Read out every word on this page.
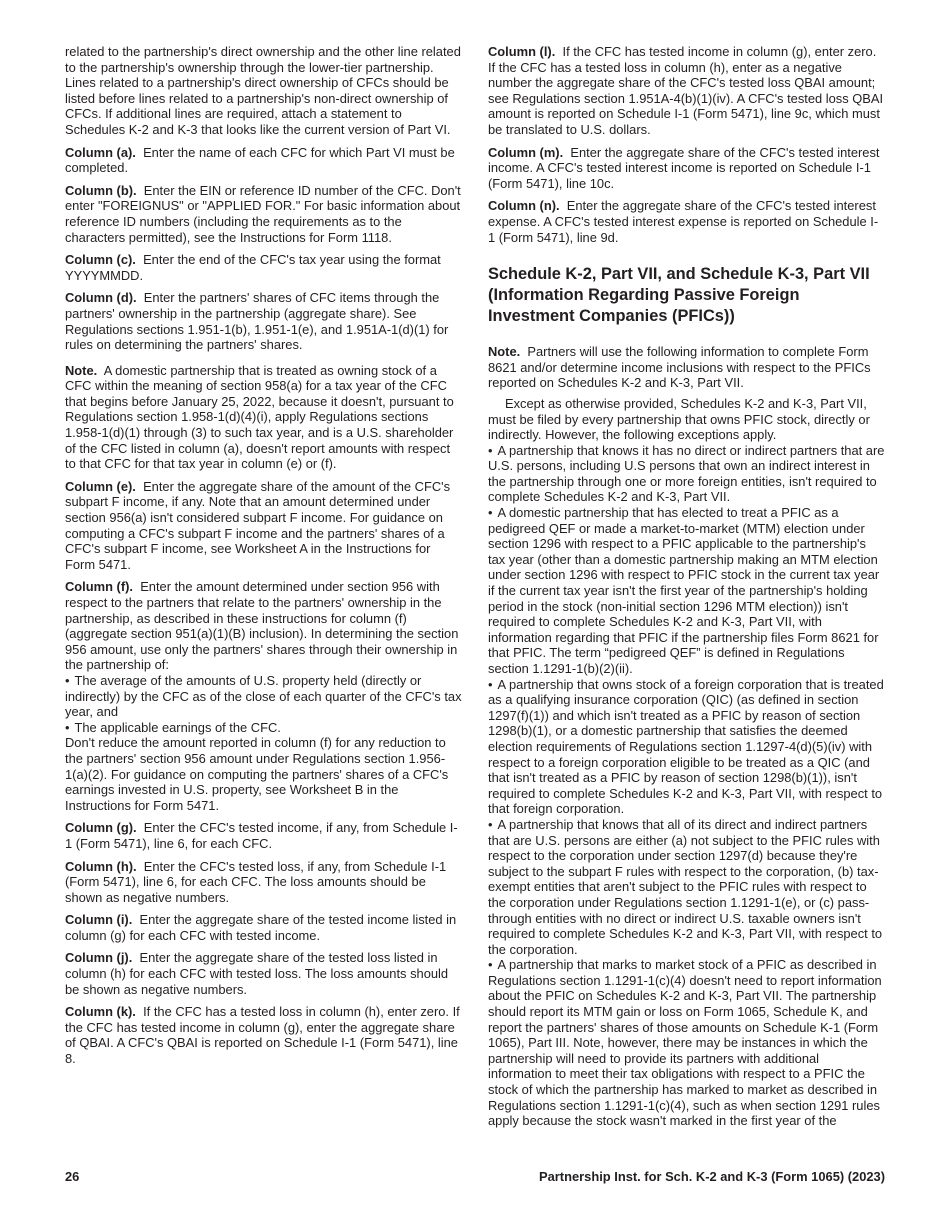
related to the partnership's direct ownership and the other line related to the partnership's ownership through the lower-tier partnership. Lines related to a partnership's direct ownership of CFCs should be listed before lines related to a partnership's non-direct ownership of CFCs. If additional lines are required, attach a statement to Schedules K-2 and K-3 that looks like the current version of Part VI.

Column (a). Enter the name of each CFC for which Part VI must be completed.

Column (b). Enter the EIN or reference ID number of the CFC. Don't enter "FOREIGNUS" or "APPLIED FOR." For basic information about reference ID numbers (including the requirements as to the characters permitted), see the Instructions for Form 1118.

Column (c). Enter the end of the CFC's tax year using the format YYYYMMDD.

Column (d). Enter the partners' shares of CFC items through the partners' ownership in the partnership (aggregate share). See Regulations sections 1.951-1(b), 1.951-1(e), and 1.951A-1(d)(1) for rules on determining the partners' shares.

Note. A domestic partnership that is treated as owning stock of a CFC within the meaning of section 958(a) for a tax year of the CFC that begins before January 25, 2022, because it doesn't, pursuant to Regulations section 1.958-1(d)(4)(i), apply Regulations sections 1.958-1(d)(1) through (3) to such tax year, and is a U.S. shareholder of the CFC listed in column (a), doesn't report amounts with respect to that CFC for that tax year in column (e) or (f).

Column (e). Enter the aggregate share of the amount of the CFC's subpart F income, if any. Note that an amount determined under section 956(a) isn't considered subpart F income. For guidance on computing a CFC's subpart F income and the partners' shares of a CFC's subpart F income, see Worksheet A in the Instructions for Form 5471.

Column (f). Enter the amount determined under section 956 with respect to the partners that relate to the partners' ownership in the partnership, as described in these instructions for column (f) (aggregate section 951(a)(1)(B) inclusion). In determining the section 956 amount, use only the partners' shares through their ownership in the partnership of:

• The average of the amounts of U.S. property held (directly or indirectly) by the CFC as of the close of each quarter of the CFC's tax year, and

• The applicable earnings of the CFC.

Don't reduce the amount reported in column (f) for any reduction to the partners' section 956 amount under Regulations section 1.956-1(a)(2). For guidance on computing the partners' shares of a CFC's earnings invested in U.S. property, see Worksheet B in the Instructions for Form 5471.

Column (g). Enter the CFC's tested income, if any, from Schedule I-1 (Form 5471), line 6, for each CFC.

Column (h). Enter the CFC's tested loss, if any, from Schedule I-1 (Form 5471), line 6, for each CFC. The loss amounts should be shown as negative numbers.

Column (i). Enter the aggregate share of the tested income listed in column (g) for each CFC with tested income.

Column (j). Enter the aggregate share of the tested loss listed in column (h) for each CFC with tested loss. The loss amounts should be shown as negative numbers.

Column (k). If the CFC has a tested loss in column (h), enter zero. If the CFC has tested income in column (g), enter the aggregate share of QBAI. A CFC's QBAI is reported on Schedule I-1 (Form 5471), line 8.

Column (l). If the CFC has tested income in column (g), enter zero. If the CFC has a tested loss in column (h), enter as a negative number the aggregate share of the CFC's tested loss QBAI amount; see Regulations section 1.951A-4(b)(1)(iv). A CFC's tested loss QBAI amount is reported on Schedule I-1 (Form 5471), line 9c, which must be translated to U.S. dollars.

Column (m). Enter the aggregate share of the CFC's tested interest income. A CFC's tested interest income is reported on Schedule I-1 (Form 5471), line 10c.

Column (n). Enter the aggregate share of the CFC's tested interest expense. A CFC's tested interest expense is reported on Schedule I-1 (Form 5471), line 9d.

Schedule K-2, Part VII, and Schedule K-3, Part VII (Information Regarding Passive Foreign Investment Companies (PFICs))

Note. Partners will use the following information to complete Form 8621 and/or determine income inclusions with respect to the PFICs reported on Schedules K-2 and K-3, Part VII.

Except as otherwise provided, Schedules K-2 and K-3, Part VII, must be filed by every partnership that owns PFIC stock, directly or indirectly. However, the following exceptions apply.

• A partnership that knows it has no direct or indirect partners that are U.S. persons, including U.S persons that own an indirect interest in the partnership through one or more foreign entities, isn't required to complete Schedules K-2 and K-3, Part VII.

• A domestic partnership that has elected to treat a PFIC as a pedigreed QEF or made a market-to-market (MTM) election under section 1296 with respect to a PFIC applicable to the partnership's tax year (other than a domestic partnership making an MTM election under section 1296 with respect to PFIC stock in the current tax year if the current tax year isn't the first year of the partnership's holding period in the stock (non-initial section 1296 MTM election)) isn't required to complete Schedules K-2 and K-3, Part VII, with information regarding that PFIC if the partnership files Form 8621 for that PFIC. The term “pedigreed QEF” is defined in Regulations section 1.1291-1(b)(2)(ii).

• A partnership that owns stock of a foreign corporation that is treated as a qualifying insurance corporation (QIC) (as defined in section 1297(f)(1)) and which isn't treated as a PFIC by reason of section 1298(b)(1), or a domestic partnership that satisfies the deemed election requirements of Regulations section 1.1297-4(d)(5)(iv) with respect to a foreign corporation eligible to be treated as a QIC (and that isn't treated as a PFIC by reason of section 1298(b)(1)), isn't required to complete Schedules K-2 and K-3, Part VII, with respect to that foreign corporation.

• A partnership that knows that all of its direct and indirect partners that are U.S. persons are either (a) not subject to the PFIC rules with respect to the corporation under section 1297(d) because they're subject to the subpart F rules with respect to the corporation, (b) tax-exempt entities that aren't subject to the PFIC rules with respect to the corporation under Regulations section 1.1291-1(e), or (c) pass-through entities with no direct or indirect U.S. taxable owners isn't required to complete Schedules K-2 and K-3, Part VII, with respect to the corporation.

• A partnership that marks to market stock of a PFIC as described in Regulations section 1.1291-1(c)(4) doesn't need to report information about the PFIC on Schedules K-2 and K-3, Part VII. The partnership should report its MTM gain or loss on Form 1065, Schedule K, and report the partners' shares of those amounts on Schedule K-1 (Form 1065), Part III. Note, however, there may be instances in which the partnership will need to provide its partners with additional information to meet their tax obligations with respect to a PFIC the stock of which the partnership has marked to market as described in Regulations section 1.1291-1(c)(4), such as when section 1291 rules apply because the stock wasn't marked in the first year of the

26	Partnership Inst. for Sch. K-2 and K-3 (Form 1065) (2023)
